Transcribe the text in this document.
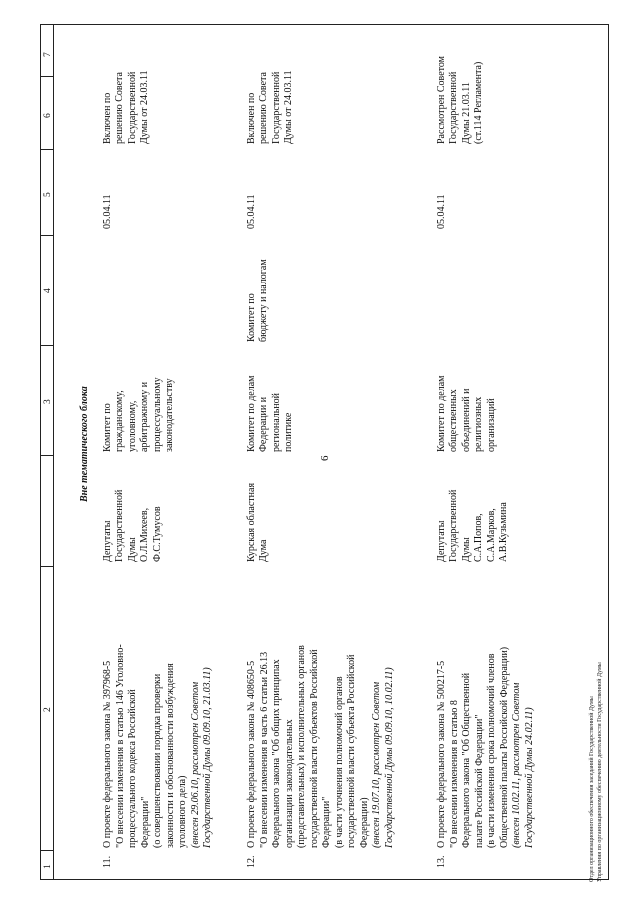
6
7
6
5
4
3
2
1
Вне тематического блока
11.
О проекте федерального закона № 397968-5 "О внесении изменения в статью 146 Уголовно- процессуального кодекса Российской Федерации" (о совершенствовании порядка проверки законности и обоснованности возбуждения уголовного дела) (внесен 29.06.10, рассмотрен Советом Государственной Думы 09.09.10, 21.03.11)
Депутаты
Государственной
Думы
О.Л.Михеев,
Ф.С.Тумусов
Комитет по
гражданскому,
уголовному,
арбитражному и
процессуальному
законодательству
05.04.11
Включен по
решению Совета
Государственной
Думы от 24.03.11
12.
О проекте федерального закона № 408650-5 "О внесении изменения в часть 6 статьи 26.13 Федерального закона "Об общих принципах организации законодательных (представительных) и исполнительных органов государственной власти субъектов Российской Федерации" (в части уточнения полномочий органов государственной власти субъекта Российской Федерации) (внесен 19.07.10, рассмотрен Советом Государственной Думы 09.09.10, 10.02.11)
Курская областная
Дума
Комитет по делам
Федерации и
региональной
политике
Комитет по
бюджету и налогам
05.04.11
Включен по
решению Совета
Государственной
Думы от 24.03.11
13.
О проекте федерального закона № 500217-5 "О внесении изменения в статью 8 Федерального закона "Об Общественной палате Российской Федерации" (в части изменения срока полномочий членов Общественной палаты Российской Федерации) (внесен 10.02.11, рассмотрен Советом Государственной Думы 24.02.11)
Депутаты
Государственной
Думы
С.А.Попов,
С.А.Марков,
А.В.Кузьмина
Комитет по делам
общественных
объединений и
религиозных
организаций
05.04.11
Рассмотрен Советом
Государственной
Думы 21.03.11
(ст.114 Регламента)
Отдел организационного обеспечения заседаний Государственной Думы Управления по организационному обеспечению деятельности Государственной Думы
